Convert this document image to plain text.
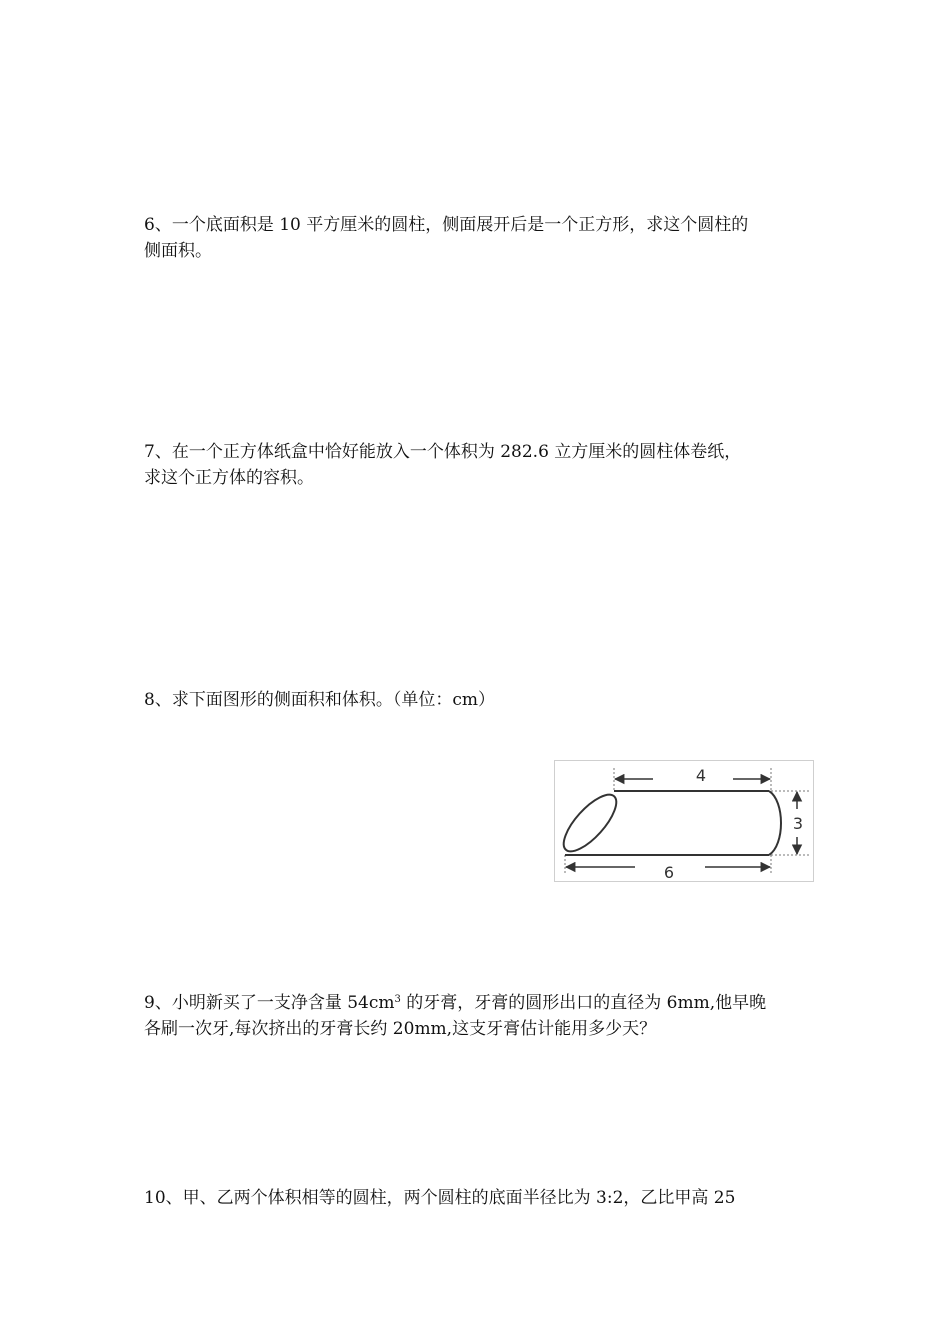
6、一个底面积是 10 平方厘米的圆柱，侧面展开后是一个正方形，求这个圆柱的
侧面积。
7、在一个正方体纸盒中恰好能放入一个体积为 282.6 立方厘米的圆柱体卷纸，
求这个正方体的容积。
8、求下面图形的侧面积和体积。（单位：cm）
4
6
3
9、小明新买了一支净含量 $54cm^3$ 的牙膏，牙膏的圆形出口的直径为 6mm,他早晚
各刷一次牙,每次挤出的牙膏长约 20mm,这支牙膏估计能用多少天？
10、甲、乙两个体积相等的圆柱，两个圆柱的底面半径比为 3:2，乙比甲高 25
